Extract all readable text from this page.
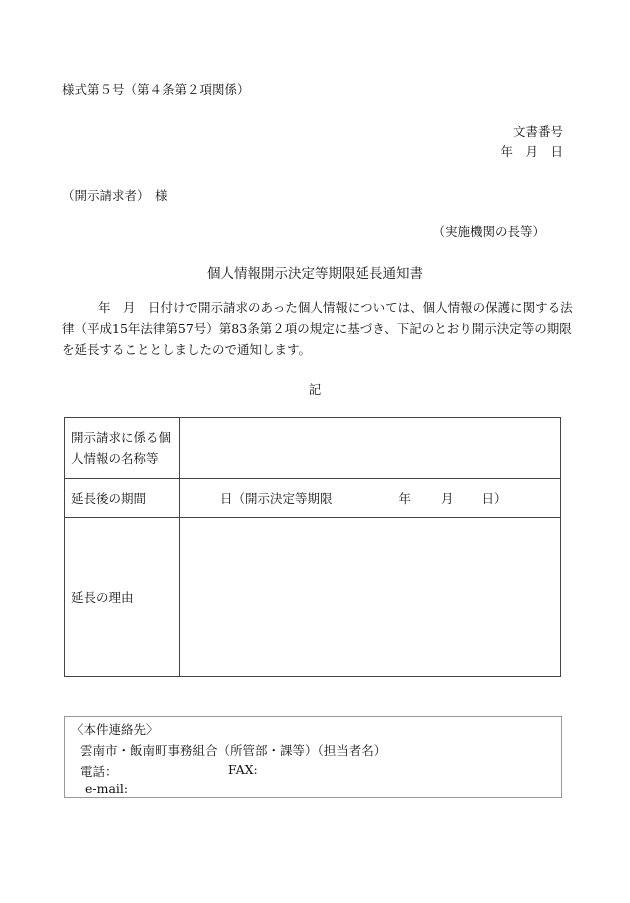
様式第５号（第４条第２項関係）
文書番号
年　月　日
（開示請求者） 様
（実施機関の長等）
個人情報開示決定等期限延長通知書
年　月　日付けで開示請求のあった個人情報については、個人情報の保護に関する法律（平成15年法律第57号）第83条第２項の規定に基づき、下記のとおり開示決定等の期限を延長することとしましたので通知します。
記
開示請求に係る個人情報の名称等	
延長後の期間	日（開示決定等期限 年 月 日）
延長の理由	
〈本件連絡先〉
雲南市・飯南町事務組合（所管部・課等）（担当者名）
電話：	FAX:
e-mail:
